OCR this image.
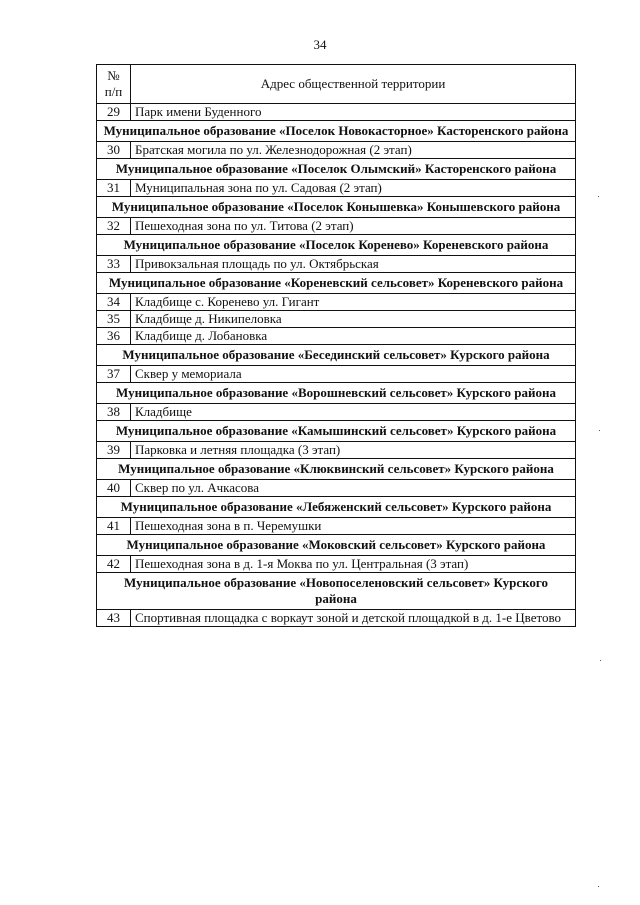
34
№ п/п	Адрес общественной территории
29	Парк имени Буденного
Муниципальное образование «Поселок Новокасторное» Касторенского района	
30	Братская могила по ул. Железнодорожная (2 этап)
Муниципальное образование «Поселок Олымский» Касторенского района	
31	Муниципальная зона по ул. Садовая (2 этап)
Муниципальное образование «Поселок Конышевка» Конышевского района	
32	Пешеходная зона по ул. Титова (2 этап)
Муниципальное образование «Поселок Коренево» Кореневского района	
33	Привокзальная площадь по ул. Октябрьская
Муниципальное образование «Кореневский сельсовет» Кореневского района	
34	Кладбище с. Коренево ул. Гигант
35	Кладбище д. Никипеловка
36	Кладбище д. Лобановка
Муниципальное образование «Бесединский сельсовет» Курского района	
37	Сквер у мемориала
Муниципальное образование «Ворошневский сельсовет» Курского района	
38	Кладбище
Муниципальное образование «Камышинский сельсовет» Курского района	
39	Парковка и летняя площадка (3 этап)
Муниципальное образование «Клюквинский сельсовет» Курского района	
40	Сквер по ул. Ачкасова
Муниципальное образование «Лебяженский сельсовет» Курского района	
41	Пешеходная зона в п. Черемушки
Муниципальное образование «Моковский сельсовет» Курского района	
42	Пешеходная зона в д. 1-я Моква по ул. Центральная (3 этап)
Муниципальное образование «Новопоселеновский сельсовет» Курского района	
43	Спортивная площадка с воркаут зоной и детской площадкой в д. 1-е Цветово
